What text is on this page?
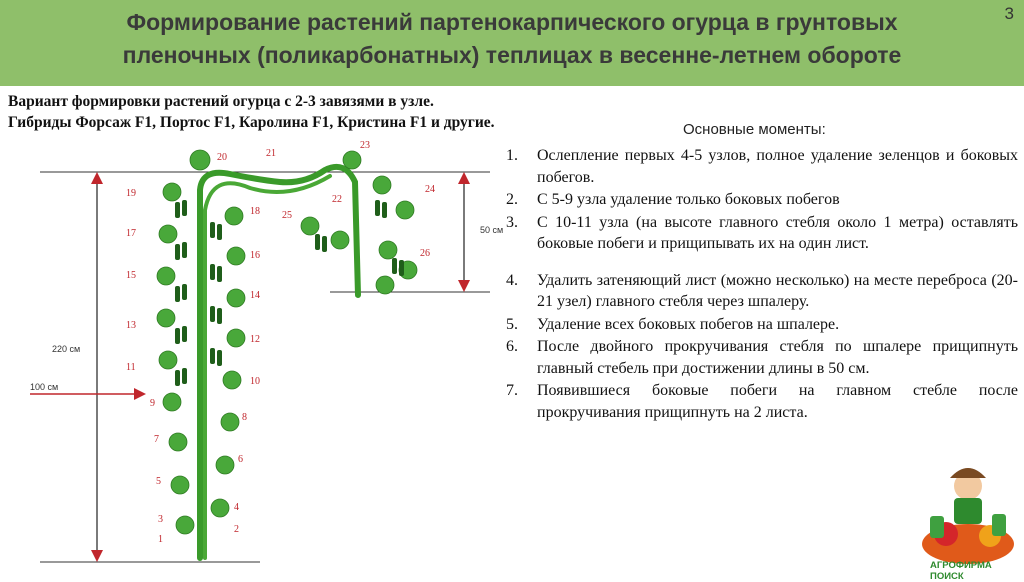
Формирование растений партенокарпического огурца в грунтовых
пленочных (поликарбонатных) теплицах в весенне-летнем обороте
3
Вариант формировки растений огурца с 2-3 завязями в узле.
Гибриды Форсаж F1, Портос F1, Каролина F1, Кристина F1 и другие.
220 см
100 см
50 см
1
2
3
4
5
6
7
8
9
10
11
12
13
14
15
16
17
18
19
20	21
22
23
24
25
26
Основные моменты:
1.	Ослепление первых 4-5 узлов, полное удаление зеленцов и боковых побегов.
2.	С 5-9 узла удаление только боковых побегов
3.	С 10-11 узла (на высоте главного стебля около 1 метра) оставлять боковые побеги и прищипывать их на один лист.
4.	Удалить затеняющий лист (можно несколько) на месте переброса (20-21 узел) главного стебля через шпалеру.
5.	Удаление всех боковых побегов на шпалере.
6.	После двойного прокручивания стебля по шпалере прищипнуть главный стебель при достижении длины в 50 см.
7.	Появившиеся боковые побеги на главном стебле после прокручивания прищипнуть на 2 листа.
АГРОФИРМА ПОИСК
